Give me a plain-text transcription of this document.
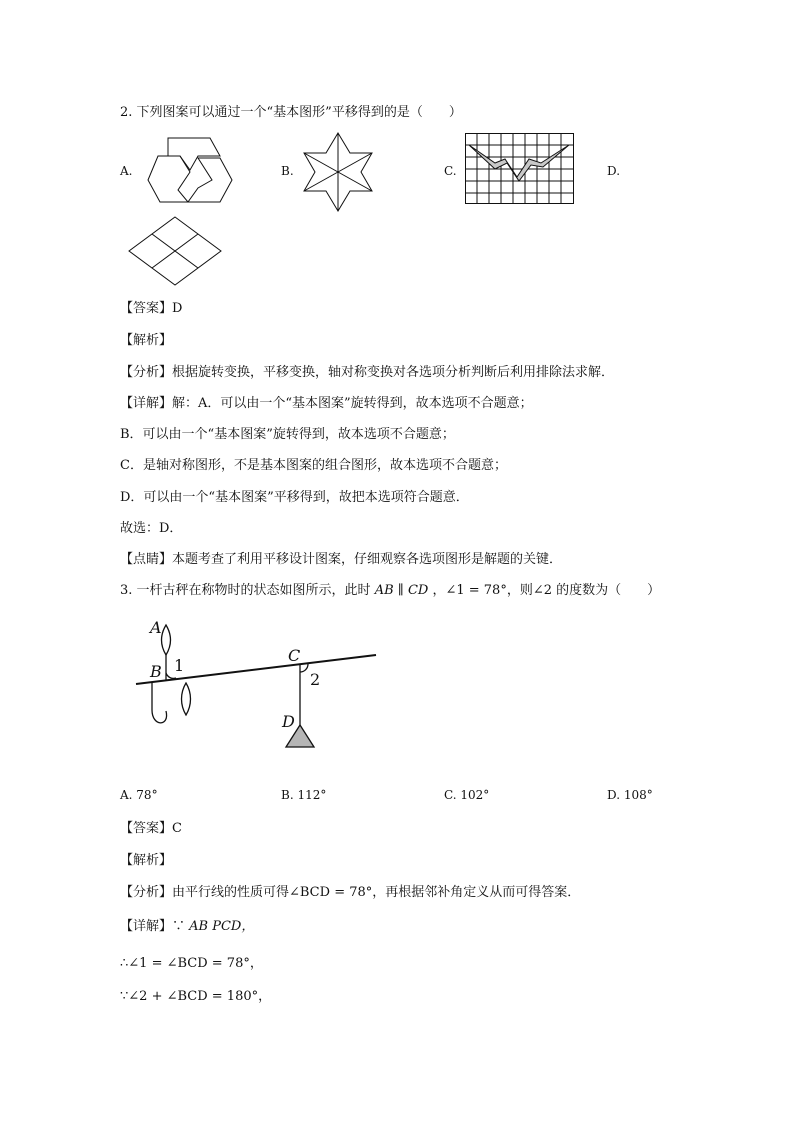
2. 下列图案可以通过一个“基本图形”平移得到的是（　　）
A.	B.	C.	D.
【答案】D
【解析】
【分析】根据旋转变换，平移变换，轴对称变换对各选项分析判断后利用排除法求解．
【详解】解：A．可以由一个“基本图案”旋转得到，故本选项不合题意；
B．可以由一个“基本图案”旋转得到，故本选项不合题意；
C．是轴对称图形，不是基本图案的组合图形，故本选项不合题意；
D．可以由一个“基本图案”平移得到，故把本选项符合题意．
故选：D．
【点睛】本题考查了利用平移设计图案，仔细观察各选项图形是解题的关键．
3. 一杆古秤在称物时的状态如图所示，此时 AB ∥ CD ，∠1 = 78°，则∠2 的度数为（　　）
A
B 1
C
2
D
A. 78°	B. 112°	C. 102°	D. 108°
【答案】C
【解析】
【分析】由平行线的性质可得∠BCD = 78°，再根据邻补角定义从而可得答案．
【详解】∵ AB PCD，
∴∠1 = ∠BCD = 78°，
∵∠2 + ∠BCD = 180°，
